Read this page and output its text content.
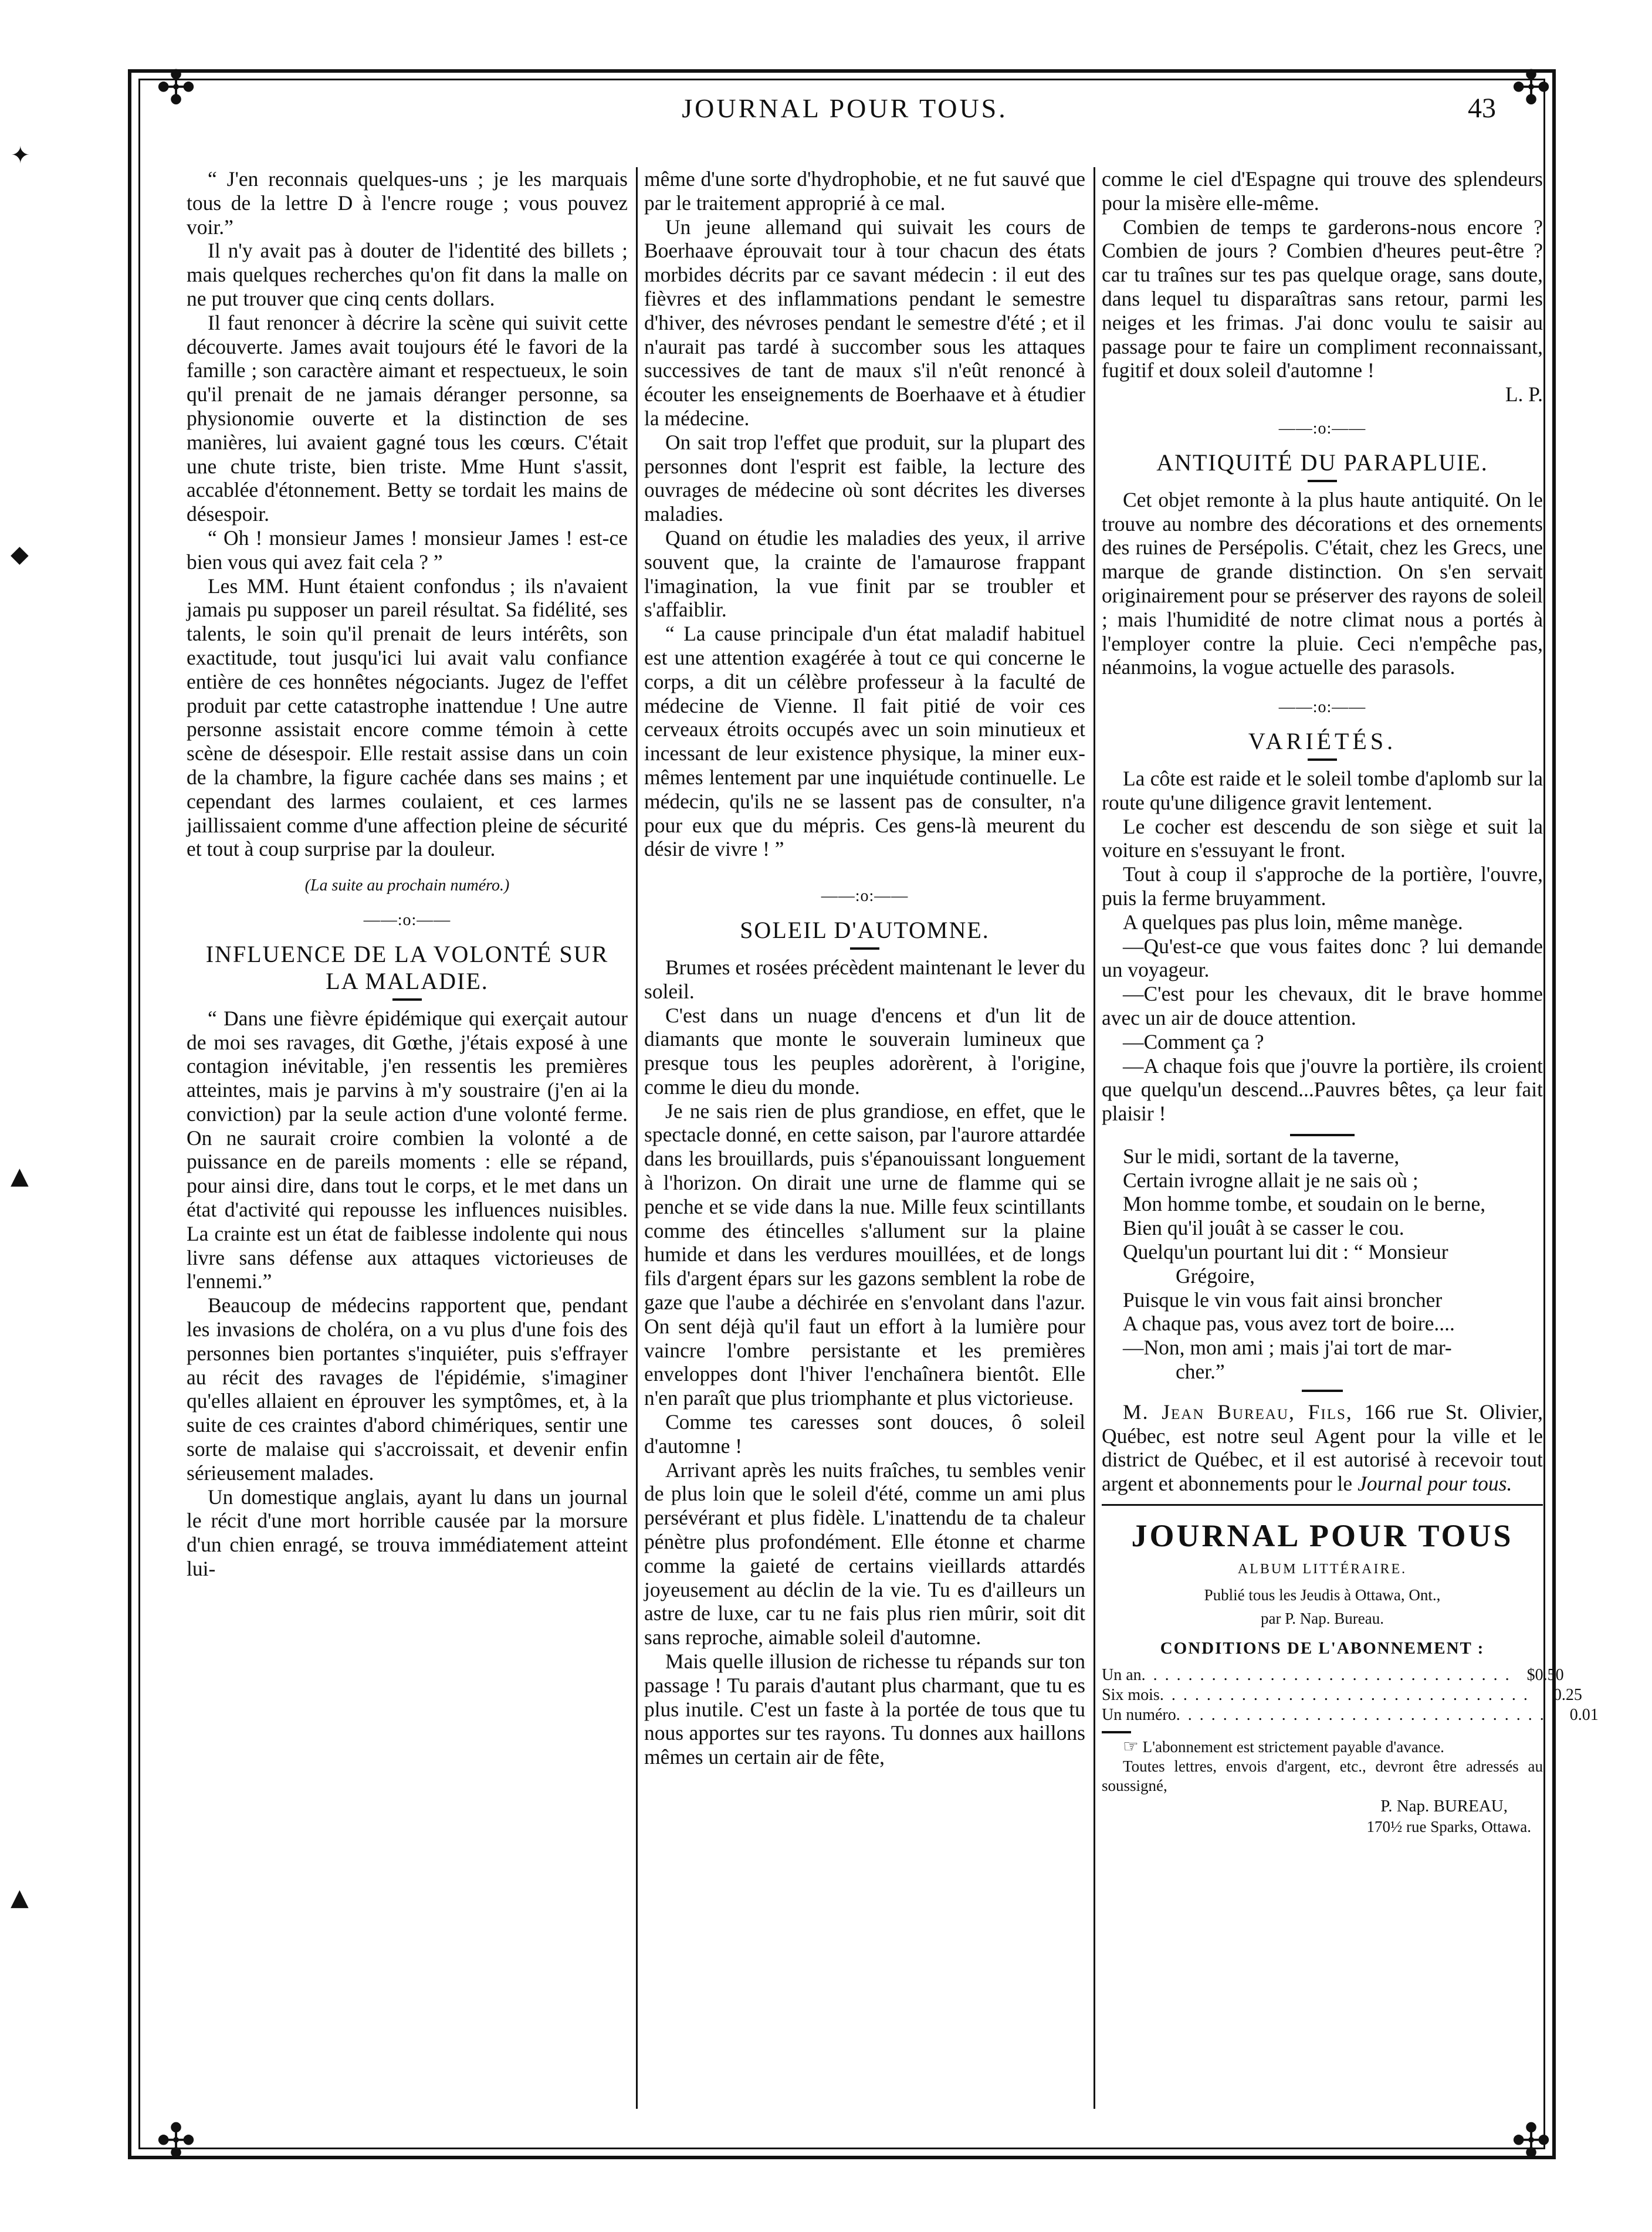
✣	✣
✣	✣
✦
◆
▲
▲
JOURNAL POUR TOUS.	43

“ J'en reconnais quelques-uns ; je les marquais tous de la lettre D à l'encre rouge ; vous pouvez voir.”

Il n'y avait pas à douter de l'identité des billets ; mais quelques recherches qu'on fit dans la malle on ne put trouver que cinq cents dollars.

Il faut renoncer à décrire la scène qui suivit cette découverte. James avait toujours été le favori de la famille ; son caractère aimant et respectueux, le soin qu'il prenait de ne jamais déranger personne, sa physionomie ouverte et la distinction de ses manières, lui avaient gagné tous les cœurs. C'était une chute triste, bien triste. Mme Hunt s'assit, accablée d'étonnement. Betty se tordait les mains de désespoir.

“ Oh ! monsieur James ! monsieur James ! est-ce bien vous qui avez fait cela ? ”

Les MM. Hunt étaient confondus ; ils n'avaient jamais pu supposer un pareil résultat. Sa fidélité, ses talents, le soin qu'il prenait de leurs intérêts, son exactitude, tout jusqu'ici lui avait valu confiance entière de ces honnêtes négociants. Jugez de l'effet produit par cette catastrophe inattendue ! Une autre personne assistait encore comme témoin à cette scène de désespoir. Elle restait assise dans un coin de la chambre, la figure cachée dans ses mains ; et cependant des larmes coulaient, et ces larmes jaillissaient comme d'une affection pleine de sécurité et tout à coup surprise par la douleur.

(La suite au prochain numéro.)
——:o:——
INFLUENCE DE LA VOLONTÉ SUR LA MALADIE.

“ Dans une fièvre épidémique qui exerçait autour de moi ses ravages, dit Gœthe, j'étais exposé à une contagion inévitable, j'en ressentis les premières atteintes, mais je parvins à m'y soustraire (j'en ai la conviction) par la seule action d'une volonté ferme. On ne saurait croire combien la volonté a de puissance en de pareils moments : elle se répand, pour ainsi dire, dans tout le corps, et le met dans un état d'activité qui repousse les influences nuisibles. La crainte est un état de faiblesse indolente qui nous livre sans défense aux attaques victorieuses de l'ennemi.”

Beaucoup de médecins rapportent que, pendant les invasions de choléra, on a vu plus d'une fois des personnes bien portantes s'inquiéter, puis s'effrayer au récit des ravages de l'épidémie, s'imaginer qu'elles allaient en éprouver les symptômes, et, à la suite de ces craintes d'abord chimériques, sentir une sorte de malaise qui s'accroissait, et devenir enfin sérieusement malades.

Un domestique anglais, ayant lu dans un journal le récit d'une mort horrible causée par la morsure d'un chien enragé, se trouva immédiatement atteint lui-

même d'une sorte d'hydrophobie, et ne fut sauvé que par le traitement approprié à ce mal.

Un jeune allemand qui suivait les cours de Boerhaave éprouvait tour à tour chacun des états morbides décrits par ce savant médecin : il eut des fièvres et des inflammations pendant le semestre d'hiver, des névroses pendant le semestre d'été ; et il n'aurait pas tardé à succomber sous les attaques successives de tant de maux s'il n'eût renoncé à écouter les enseignements de Boerhaave et à étudier la médecine.

On sait trop l'effet que produit, sur la plupart des personnes dont l'esprit est faible, la lecture des ouvrages de médecine où sont décrites les diverses maladies.

Quand on étudie les maladies des yeux, il arrive souvent que, la crainte de l'amaurose frappant l'imagination, la vue finit par se troubler et s'affaiblir.

“ La cause principale d'un état maladif habituel est une attention exagérée à tout ce qui concerne le corps, a dit un célèbre professeur à la faculté de médecine de Vienne. Il fait pitié de voir ces cerveaux étroits occupés avec un soin minutieux et incessant de leur existence physique, la miner eux-mêmes lentement par une inquiétude continuelle. Le médecin, qu'ils ne se lassent pas de consulter, n'a pour eux que du mépris. Ces gens-là meurent du désir de vivre ! ”

——:o:——
SOLEIL D'AUTOMNE.

Brumes et rosées précèdent maintenant le lever du soleil.

C'est dans un nuage d'encens et d'un lit de diamants que monte le souverain lumineux que presque tous les peuples adorèrent, à l'origine, comme le dieu du monde.

Je ne sais rien de plus grandiose, en effet, que le spectacle donné, en cette saison, par l'aurore attardée dans les brouillards, puis s'épanouissant longuement à l'horizon. On dirait une urne de flamme qui se penche et se vide dans la nue. Mille feux scintillants comme des étincelles s'allument sur la plaine humide et dans les verdures mouillées, et de longs fils d'argent épars sur les gazons semblent la robe de gaze que l'aube a déchirée en s'envolant dans l'azur. On sent déjà qu'il faut un effort à la lumière pour vaincre l'ombre persistante et les premières enveloppes dont l'hiver l'enchaînera bientôt. Elle n'en paraît que plus triomphante et plus victorieuse.

Comme tes caresses sont douces, ô soleil d'automne !

Arrivant après les nuits fraîches, tu sembles venir de plus loin que le soleil d'été, comme un ami plus persévérant et plus fidèle. L'inattendu de ta chaleur pénètre plus profondément. Elle étonne et charme comme la gaieté de certains vieillards attardés joyeusement au déclin de la vie. Tu es d'ailleurs un astre de luxe, car tu ne fais plus rien mûrir, soit dit sans reproche, aimable soleil d'automne.

Mais quelle illusion de richesse tu répands sur ton passage ! Tu parais d'autant plus charmant, que tu es plus inutile. C'est un faste à la portée de tous que tu nous apportes sur tes rayons. Tu donnes aux haillons mêmes un certain air de fête,

comme le ciel d'Espagne qui trouve des splendeurs pour la misère elle-même.

Combien de temps te garderons-nous encore ? Combien de jours ? Combien d'heures peut-être ? car tu traînes sur tes pas quelque orage, sans doute, dans lequel tu disparaîtras sans retour, parmi les neiges et les frimas. J'ai donc voulu te saisir au passage pour te faire un compliment reconnaissant, fugitif et doux soleil d'automne !

L. P.

——:o:——
ANTIQUITÉ DU PARAPLUIE.

Cet objet remonte à la plus haute antiquité. On le trouve au nombre des décorations et des ornements des ruines de Persépolis. C'était, chez les Grecs, une marque de grande distinction. On s'en servait originairement pour se préserver des rayons de soleil ; mais l'humidité de notre climat nous a portés à l'employer contre la pluie. Ceci n'empêche pas, néanmoins, la vogue actuelle des parasols.

——:o:——
VARIÉTÉS.

La côte est raide et le soleil tombe d'aplomb sur la route qu'une diligence gravit lentement.

Le cocher est descendu de son siège et suit la voiture en s'essuyant le front.

Tout à coup il s'approche de la portière, l'ouvre, puis la ferme bruyamment.

A quelques pas plus loin, même manège.

—Qu'est-ce que vous faites donc ? lui demande un voyageur.

—C'est pour les chevaux, dit le brave homme avec un air de douce attention.

—Comment ça ?

—A chaque fois que j'ouvre la portière, ils croient que quelqu'un descend...Pauvres bêtes, ça leur fait plaisir !

Sur le midi, sortant de la taverne,

Certain ivrogne allait je ne sais où ;

Mon homme tombe, et soudain on le berne,

Bien qu'il jouât à se casser le cou.

Quelqu'un pourtant lui dit : “ Monsieur

Grégoire,

Puisque le vin vous fait ainsi broncher

A chaque pas, vous avez tort de boire....

—Non, mon ami ; mais j'ai tort de mar-

cher.”

M. Jean Bureau, Fils, 166 rue St. Olivier, Québec, est notre seul Agent pour la ville et le district de Québec, et il est autorisé à recevoir tout argent et abonnements pour le Journal pour tous.

JOURNAL POUR TOUS
ALBUM LITTÉRAIRE.
Publié tous les Jeudis à Ottawa, Ont.,
par P. Nap. Bureau.
CONDITIONS DE L'ABONNEMENT :
Un an . . . . . . . . . . . . . . . . . . . . . . . . . . . . . . . . $0.50
Six mois . . . . . . . . . . . . . . . . . . . . . . . . . . . . . . . .	0.25
Un numéro . . . . . . . . . . . . . . . . . . . . . . . . . . . . . . . .	0.01

☞ L'abonnement est strictement payable d'avance.

Toutes lettres, envois d'argent, etc., devront être adressés au soussigné,

P. Nap. BUREAU,
170½ rue Sparks, Ottawa.
